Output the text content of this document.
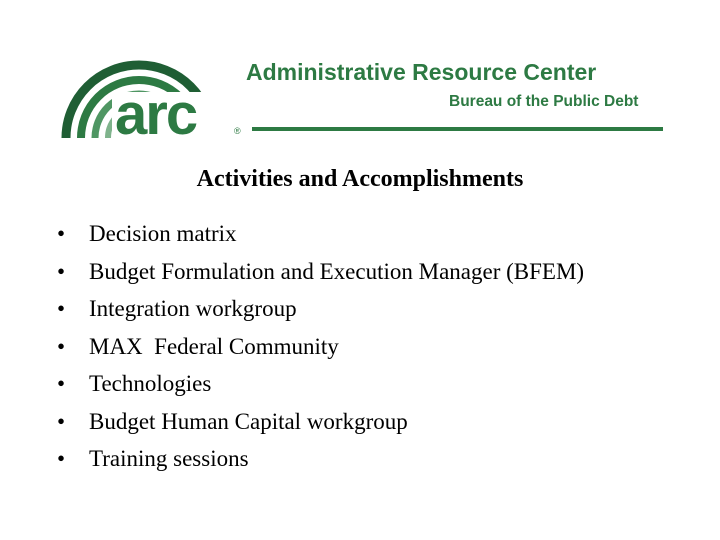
arc	®
Administrative Resource Center
Bureau of the Public Debt
Activities and Accomplishments
• Decision matrix
• Budget Formulation and Execution Manager (BFEM)
• Integration workgroup
• MAX  Federal Community
• Technologies
• Budget Human Capital workgroup
• Training sessions
